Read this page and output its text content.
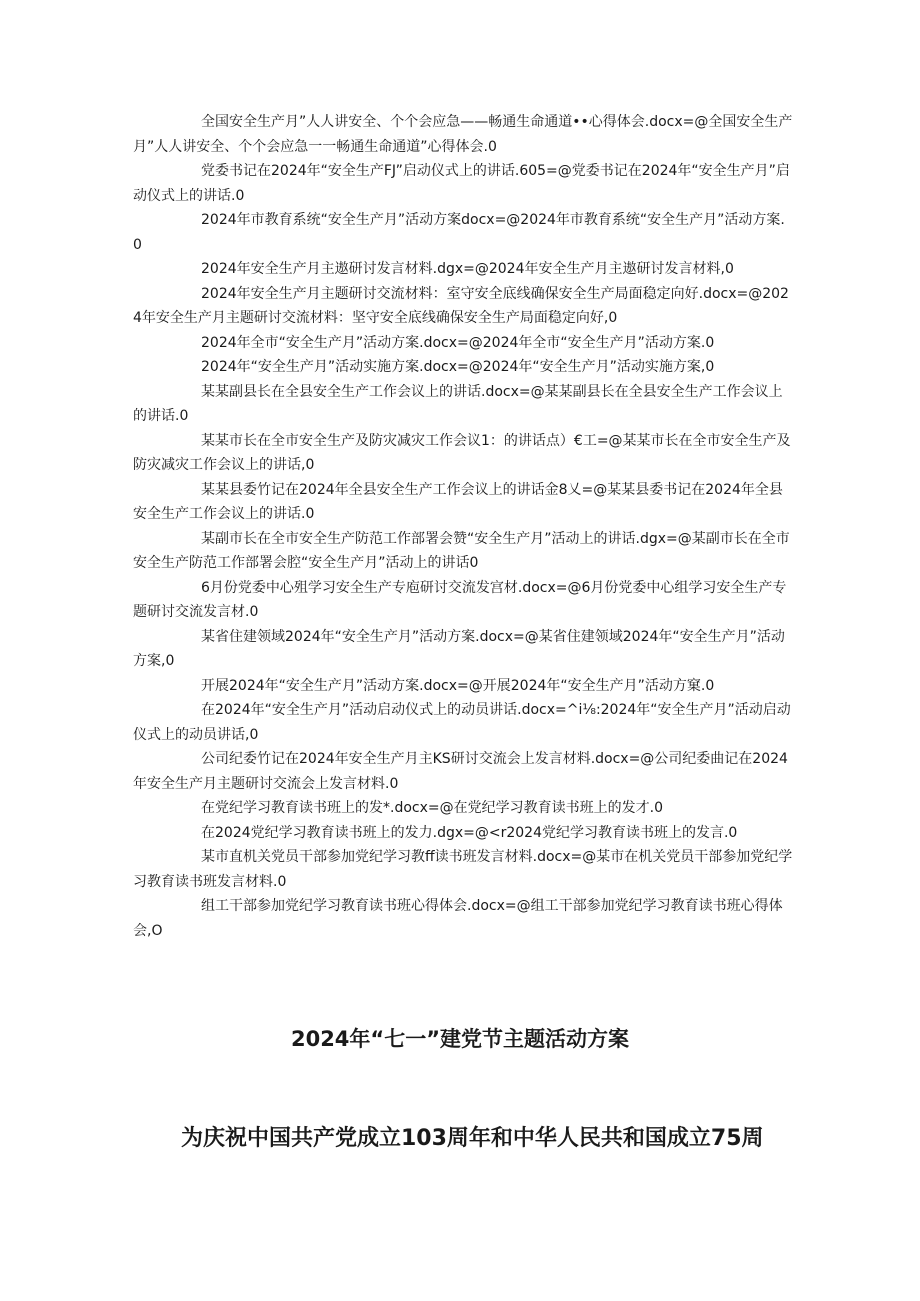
全国安全生产月”人人讲安全、个个会应急——畅通生命通道••心得体会.docx=@全国安全生产月”人人讲安全、个个会应急一一畅通生命通道”心得体会.0

党委书记在2024年“安全生产FJ”启动仪式上的讲话.605=@党委书记在2024年“安全生产月”启动仪式上的讲话.0

2024年市教育系统“安全生产月”活动方案docx=@2024年市教育系统“安全生产月”活动方案.0

2024年安全生产月主遨研讨发言材料.dgx=@2024年安全生产月主遨研讨发言材料,0

2024年安全生产月主题研讨交流材料：室守安全底线确保安全生产局面稳定向好.docx=@2024年安全生产月主题研讨交流材料：坚守安全底线确保安全生产局面稳定向好,0

2024年全市“安全生产月”活动方案.docx=@2024年全市“安全生产月”活动方案.0

2024年“安全生产月”活动实施方案.docx=@2024年“安全生产月”活动实施方案,0

某某副县长在全县安全生产工作会议上的讲话.docx=@某某副县长在全县安全生产工作会议上的讲话.0

某某市长在全市安全生产及防灾减灾工作会议1：的讲话点）€工=@某某市长在全市安全生产及防灾减灾工作会议上的讲话,0

某某县委竹记在2024年全县安全生产工作会议上的讲话金8乂=@某某县委书记在2024年全县安全生产工作会议上的讲话.0

某副市长在全市安全生产防范工作部署会赞“安全生产月”活动上的讲话.dgx=@某副市长在全市安全生产防范工作部署会腔“安全生产月”活动上的讲话0

6月份党委中心殂学习安全生产专庖研讨交流发宫材.docx=@6月份党委中心组学习安全生产专题研讨交流发言材.0

某省住建领域2024年“安全生产月”活动方案.docx=@某省住建领域2024年“安全生产月”活动方案,0

开展2024年“安全生产月”活动方案.docx=@开展2024年“安全生产月”活动方窠.0

在2024年“安全生产月”活动启动仪式上的动员讲话.docx=^i⅛:2024年“安全生产月”活动启动仪式上的动员讲话,0

公司纪委竹记在2024年安全生产月主KS研讨交流会上发言材料.docx=@公司纪委曲记在2024年安全生产月主题研讨交流会上发言材料.0

在党纪学习教育读书班上的发*.docx=@在党纪学习教育读书班上的发才.0

在2024党纪学习教育读书班上的发力.dgx=@<r2024党纪学习教育读书班上的发言.0

某市直机关党员干部参加党纪学习教ff读书班发言材料.docx=@某市在机关党员干部参加党纪学习教育读书班发言材料.0

组工干部参加党纪学习教育读书班心得体会.docx=@组工干部参加党纪学习教育读书班心得体会,O

2024年“七一”建党节主题活动方案

为庆祝中国共产党成立103周年和中华人民共和国成立75周
